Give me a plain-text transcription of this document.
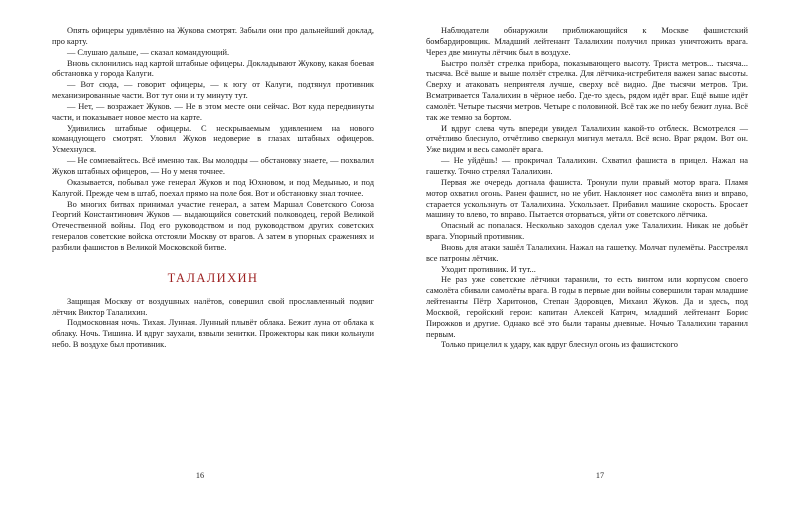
Опять офицеры удивлённо на Жукова смотрят. Забыли они про дальнейший доклад, про карту.

— Слушаю дальше, — сказал командующий.

Вновь склонились над картой штабные офицеры. Докладывают Жукову, какая боевая обстановка у города Калуги.

— Вот сюда, — говорит офицеры, — к югу от Калуги, подтянул противник механизированные части. Вот тут они и ту минуту тут.

— Нет, — возражает Жуков. — Не в этом месте они сейчас. Вот куда передвинуты части, и показывает новое место на карте.

Удивились штабные офицеры. С нескрываемым удивлением на нового командующего смотрят. Уловил Жуков недоверие в глазах штабных офицеров. Усмехнулся.

— Не сомневайтесь. Всё именно так. Вы молодцы — обстановку знаете, — похвалил Жуков штабных офицеров, — Но у меня точнее.

Оказывается, побывал уже генерал Жуков и под Юхновом, и под Медынью, и под Калугой. Прежде чем в штаб, поехал прямо на поле боя. Вот и обстановку знал точнее.

Во многих битвах принимал участие генерал, а затем Маршал Советского Союза Георгий Константинович Жуков — выдающийся советский полководец, герой Великой Отечественной войны. Под его руководством и под руководством других советских генералов советские войска отстояли Москву от врагов. А затем в упорных сражениях и разбили фашистов в Великой Московской битве.

ТАЛАЛИХИН

Защищая Москву от воздушных налётов, совершил свой прославленный подвиг лётчик Виктор Талалихин.

Подмосковная ночь. Тихая. Лунная. Лунный плывёт облака. Бежит луна от облака к облаку. Ночь. Тишина. И вдруг заухали, взвыли зенитки. Прожекторы как пики кольнули небо. В воздухе был противник.

16

Наблюдатели обнаружили приближающийся к Москве фашистский бомбардировщик. Младший лейтенант Талалихин получил приказ уничтожить врага. Через две минуты лётчик был в воздухе.

Быстро ползёт стрелка прибора, показывающего высоту. Триста метров... тысяча... тысяча. Всё выше и выше ползёт стрелка. Для лётчика-истребителя важен запас высоты. Сверху и атаковать неприятеля лучше, сверху всё видно. Две тысячи метров. Три. Всматривается Талалихин в чёрное небо. Где-то здесь, рядом идёт враг. Ещё выше идёт самолёт. Четыре тысячи метров. Четыре с половиной. Всё так же по небу бежит луна. Всё так же темно за бортом.

И вдруг слева чуть впереди увидел Талалихин какой-то отблеск. Всмотрелся — отчётливо блеснуло, отчётливо сверкнул мигнул металл. Всё ясно. Враг рядом. Вот он. Уже видим и весь самолёт врага.

— Не уйдёшь! — прокричал Талалихин. Схватил фашиста в прицел. Нажал на гашетку. Точно стрелял Талалихин.

Первая же очередь догнала фашиста. Тронули пули правый мотор врага. Пламя мотор охватил огонь. Ранен фашист, но не убит. Наклоняет нос самолёта вниз и вправо, старается ускользнуть от Талалихина. Ускользает. Прибавил машине скорость. Бросает машину то влево, то вправо. Пытается оторваться, уйти от советского лётчика.

Опасный ас попалася. Несколько заходов сделал уже Талалихин. Никак не добьёт врага. Упорный противник.

Вновь для атаки зашёл Талалихин. Нажал на гашетку. Молчат пулемёты. Расстрелял все патроны лётчик.

Уходит противник. И тут...

Не раз уже советские лётчики таранили, то есть винтом или корпусом своего самолёта сбивали самолёты врага. В годы в первые дни войны совершили таран младшие лейтенанты Пётр Харитонов, Степан Здоровцев, Михаил Жуков. Да и здесь, под Москвой, геройский герои: капитан Алексей Катрич, младший лейтенант Борис Пирожков и другие. Однако всё это были тараны дневные. Ночью Талалихин таранил первым.

Только прицелил к удару, как вдруг блеснул огонь из фашистского

17
